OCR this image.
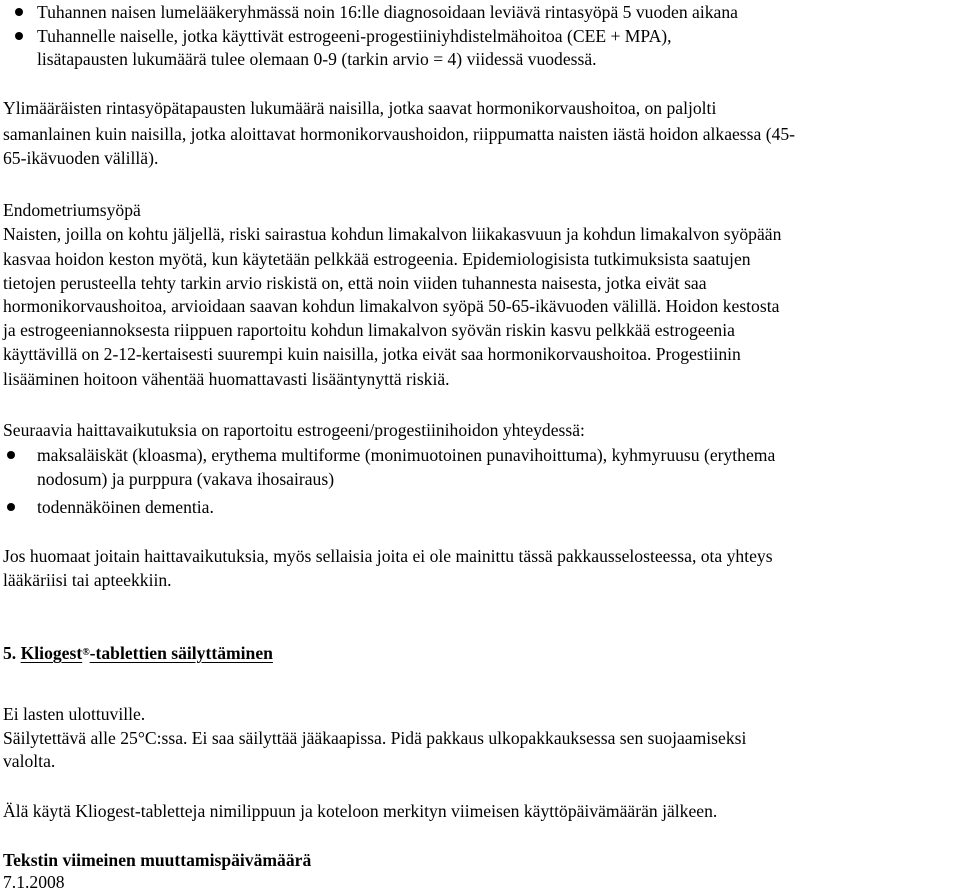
Tuhannen naisen lumelääkeryhmässä noin 16:lle diagnosoidaan leviävä rintasyöpä 5 vuoden aikana
Tuhannelle naiselle, jotka käyttivät estrogeeni-progestiiniyhdistelmähoitoa (CEE + MPA),
lisätapausten lukumäärä tulee olemaan 0-9 (tarkin arvio = 4) viidessä vuodessä.
Ylimääräisten rintasyöpätapausten lukumäärä naisilla, jotka saavat hormonikorvaushoitoa, on paljolti
samanlainen kuin naisilla, jotka aloittavat hormonikorvaushoidon, riippumatta naisten iästä hoidon alkaessa (45-
65-ikävuoden välillä).
Endometriumsyöpä
Naisten, joilla on kohtu jäljellä, riski sairastua kohdun limakalvon liikakasvuun ja kohdun limakalvon syöpään
kasvaa hoidon keston myötä, kun käytetään pelkkää estrogeenia. Epidemiologisista tutkimuksista saatujen
tietojen perusteella tehty tarkin arvio riskistä on, että noin viiden tuhannesta naisesta, jotka eivät saa
hormonikorvaushoitoa, arvioidaan saavan kohdun limakalvon syöpä 50-65-ikävuoden välillä. Hoidon kestosta
ja estrogeeniannoksesta riippuen raportoitu kohdun limakalvon syövän riskin kasvu pelkkää estrogeenia
käyttävillä on 2-12-kertaisesti suurempi kuin naisilla, jotka eivät saa hormonikorvaushoitoa. Progestiinin
lisääminen hoitoon vähentää huomattavasti lisääntynyttä riskiä.
Seuraavia haittavaikutuksia on raportoitu estrogeeni/progestiinihoidon yhteydessä:
maksaläiskät (kloasma), erythema multiforme (monimuotoinen punavihoittuma), kyhmyruusu (erythema
nodosum) ja purppura (vakava ihosairaus)
todennäköinen dementia.
Jos huomaat joitain haittavaikutuksia, myös sellaisia joita ei ole mainittu tässä pakkausselosteessa, ota yhteys
lääkäriisi tai apteekkiin.
5. Kliogest®-tablettien säilyttäminen
Ei lasten ulottuville.
Säilytettävä alle 25°C:ssa. Ei saa säilyttää jääkaapissa. Pidä pakkaus ulkopakkauksessa sen suojaamiseksi
valolta.
Älä käytä Kliogest-tabletteja nimilippuun ja koteloon merkityn viimeisen käyttöpäivämäärän jälkeen.
Tekstin viimeinen muuttamispäivämäärä
7.1.2008
